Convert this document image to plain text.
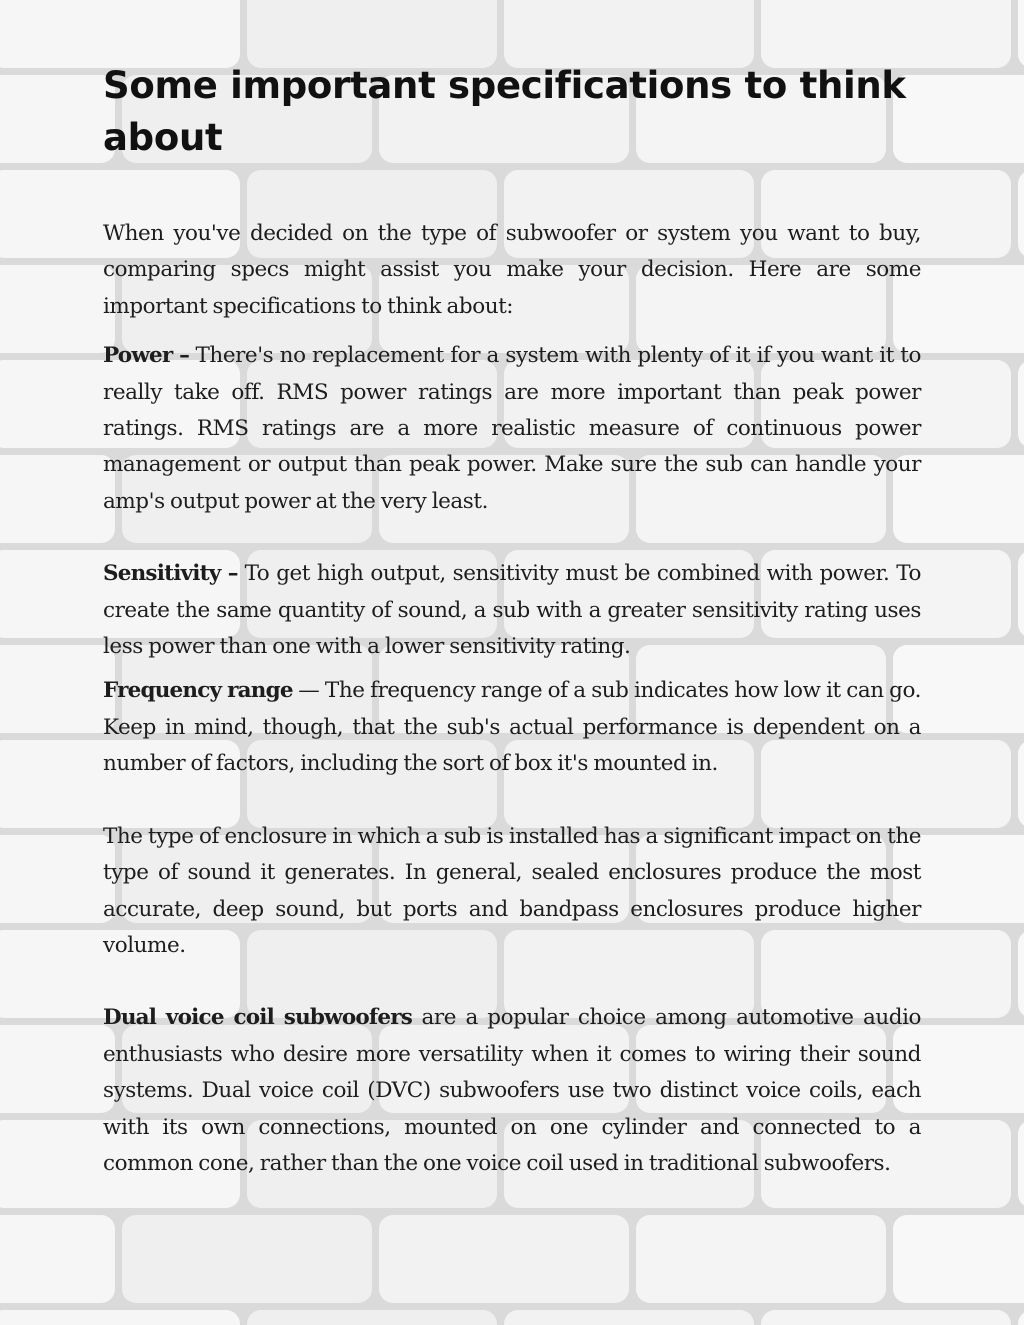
Some important specifications to think about

When you've decided on the type of subwoofer or system you want to buy, comparing specs might assist you make your decision. Here are some important specifications to think about:

Power – There's no replacement for a system with plenty of it if you want it to really take off. RMS power ratings are more important than peak power ratings. RMS ratings are a more realistic measure of continuous power management or output than peak power. Make sure the sub can handle your amp's output power at the very least.

Sensitivity – To get high output, sensitivity must be combined with power. To create the same quantity of sound, a sub with a greater sensitivity rating uses less power than one with a lower sensitivity rating.

Frequency range — The frequency range of a sub indicates how low it can go. Keep in mind, though, that the sub's actual performance is dependent on a number of factors, including the sort of box it's mounted in.

The type of enclosure in which a sub is installed has a significant impact on the type of sound it generates. In general, sealed enclosures produce the most accurate, deep sound, but ports and bandpass enclosures produce higher volume.

Dual voice coil subwoofers are a popular choice among automotive audio enthusiasts who desire more versatility when it comes to wiring their sound systems. Dual voice coil (DVC) subwoofers use two distinct voice coils, each with its own connections, mounted on one cylinder and connected to a common cone, rather than the one voice coil used in traditional subwoofers.
